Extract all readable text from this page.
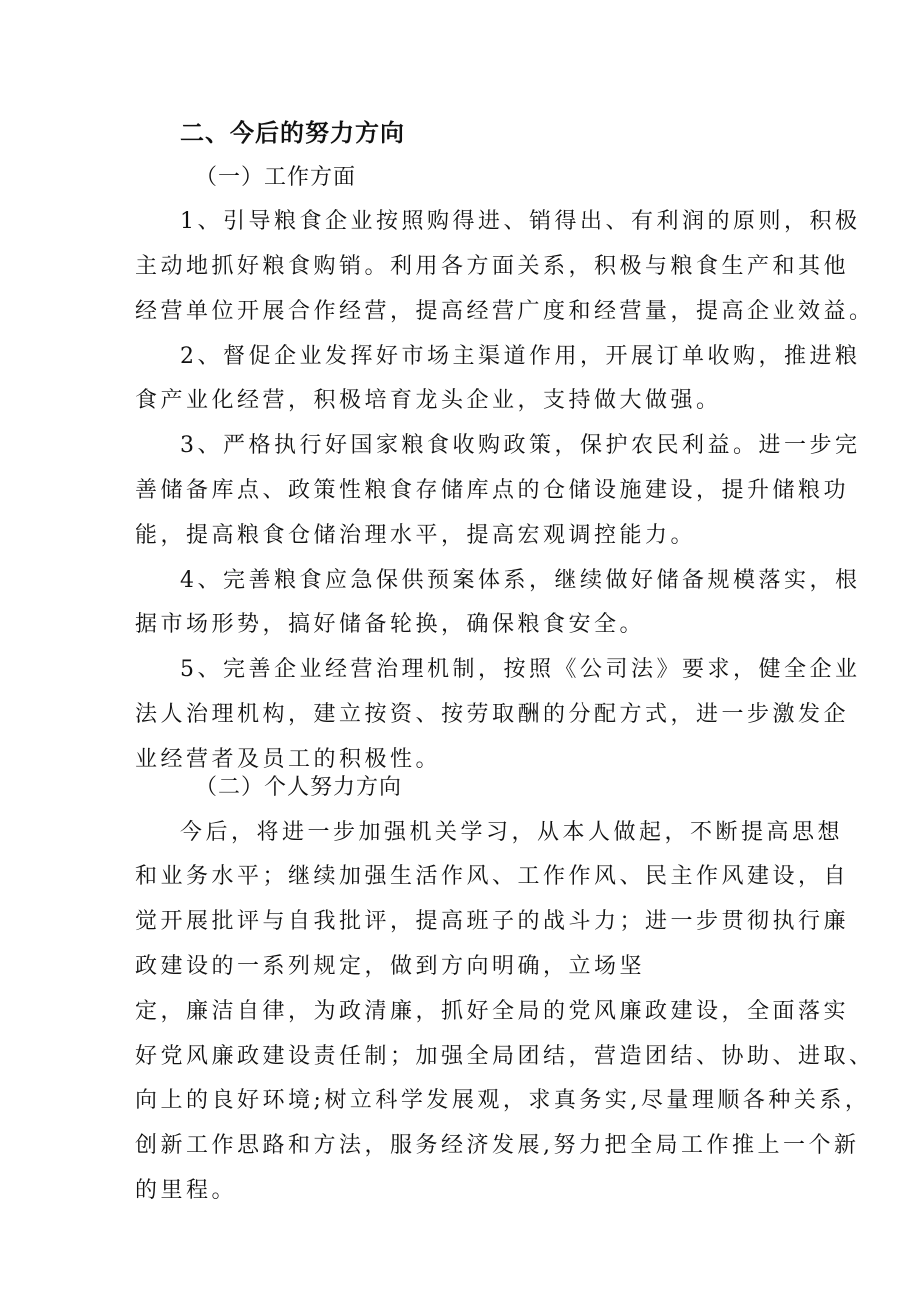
二、今后的努力方向
（一）工作方面
1、引导粮食企业按照购得进、销得出、有利润的原则，积极
主动地抓好粮食购销。利用各方面关系，积极与粮食生产和其他
经营单位开展合作经营，提高经营广度和经营量，提高企业效益。
2、督促企业发挥好市场主渠道作用，开展订单收购，推进粮
食产业化经营，积极培育龙头企业，支持做大做强。
3、严格执行好国家粮食收购政策，保护农民利益。进一步完
善储备库点、政策性粮食存储库点的仓储设施建设，提升储粮功
能，提高粮食仓储治理水平，提高宏观调控能力。
4、完善粮食应急保供预案体系，继续做好储备规模落实，根
据市场形势，搞好储备轮换，确保粮食安全。
5、完善企业经营治理机制，按照《公司法》要求，健全企业
法人治理机构，建立按资、按劳取酬的分配方式，进一步激发企
业经营者及员工的积极性。
（二）个人努力方向
今后，将进一步加强机关学习，从本人做起，不断提高思想
和业务水平；继续加强生活作风、工作作风、民主作风建设，自
觉开展批评与自我批评，提高班子的战斗力；进一步贯彻执行廉
政建设的一系列规定，做到方向明确，立场坚
定，廉洁自律，为政清廉，抓好全局的党风廉政建设，全面落实
好党风廉政建设责任制；加强全局团结，营造团结、协助、进取、
向上的良好环境;树立科学发展观，求真务实,尽量理顺各种关系，
创新工作思路和方法，服务经济发展,努力把全局工作推上一个新
的里程。
